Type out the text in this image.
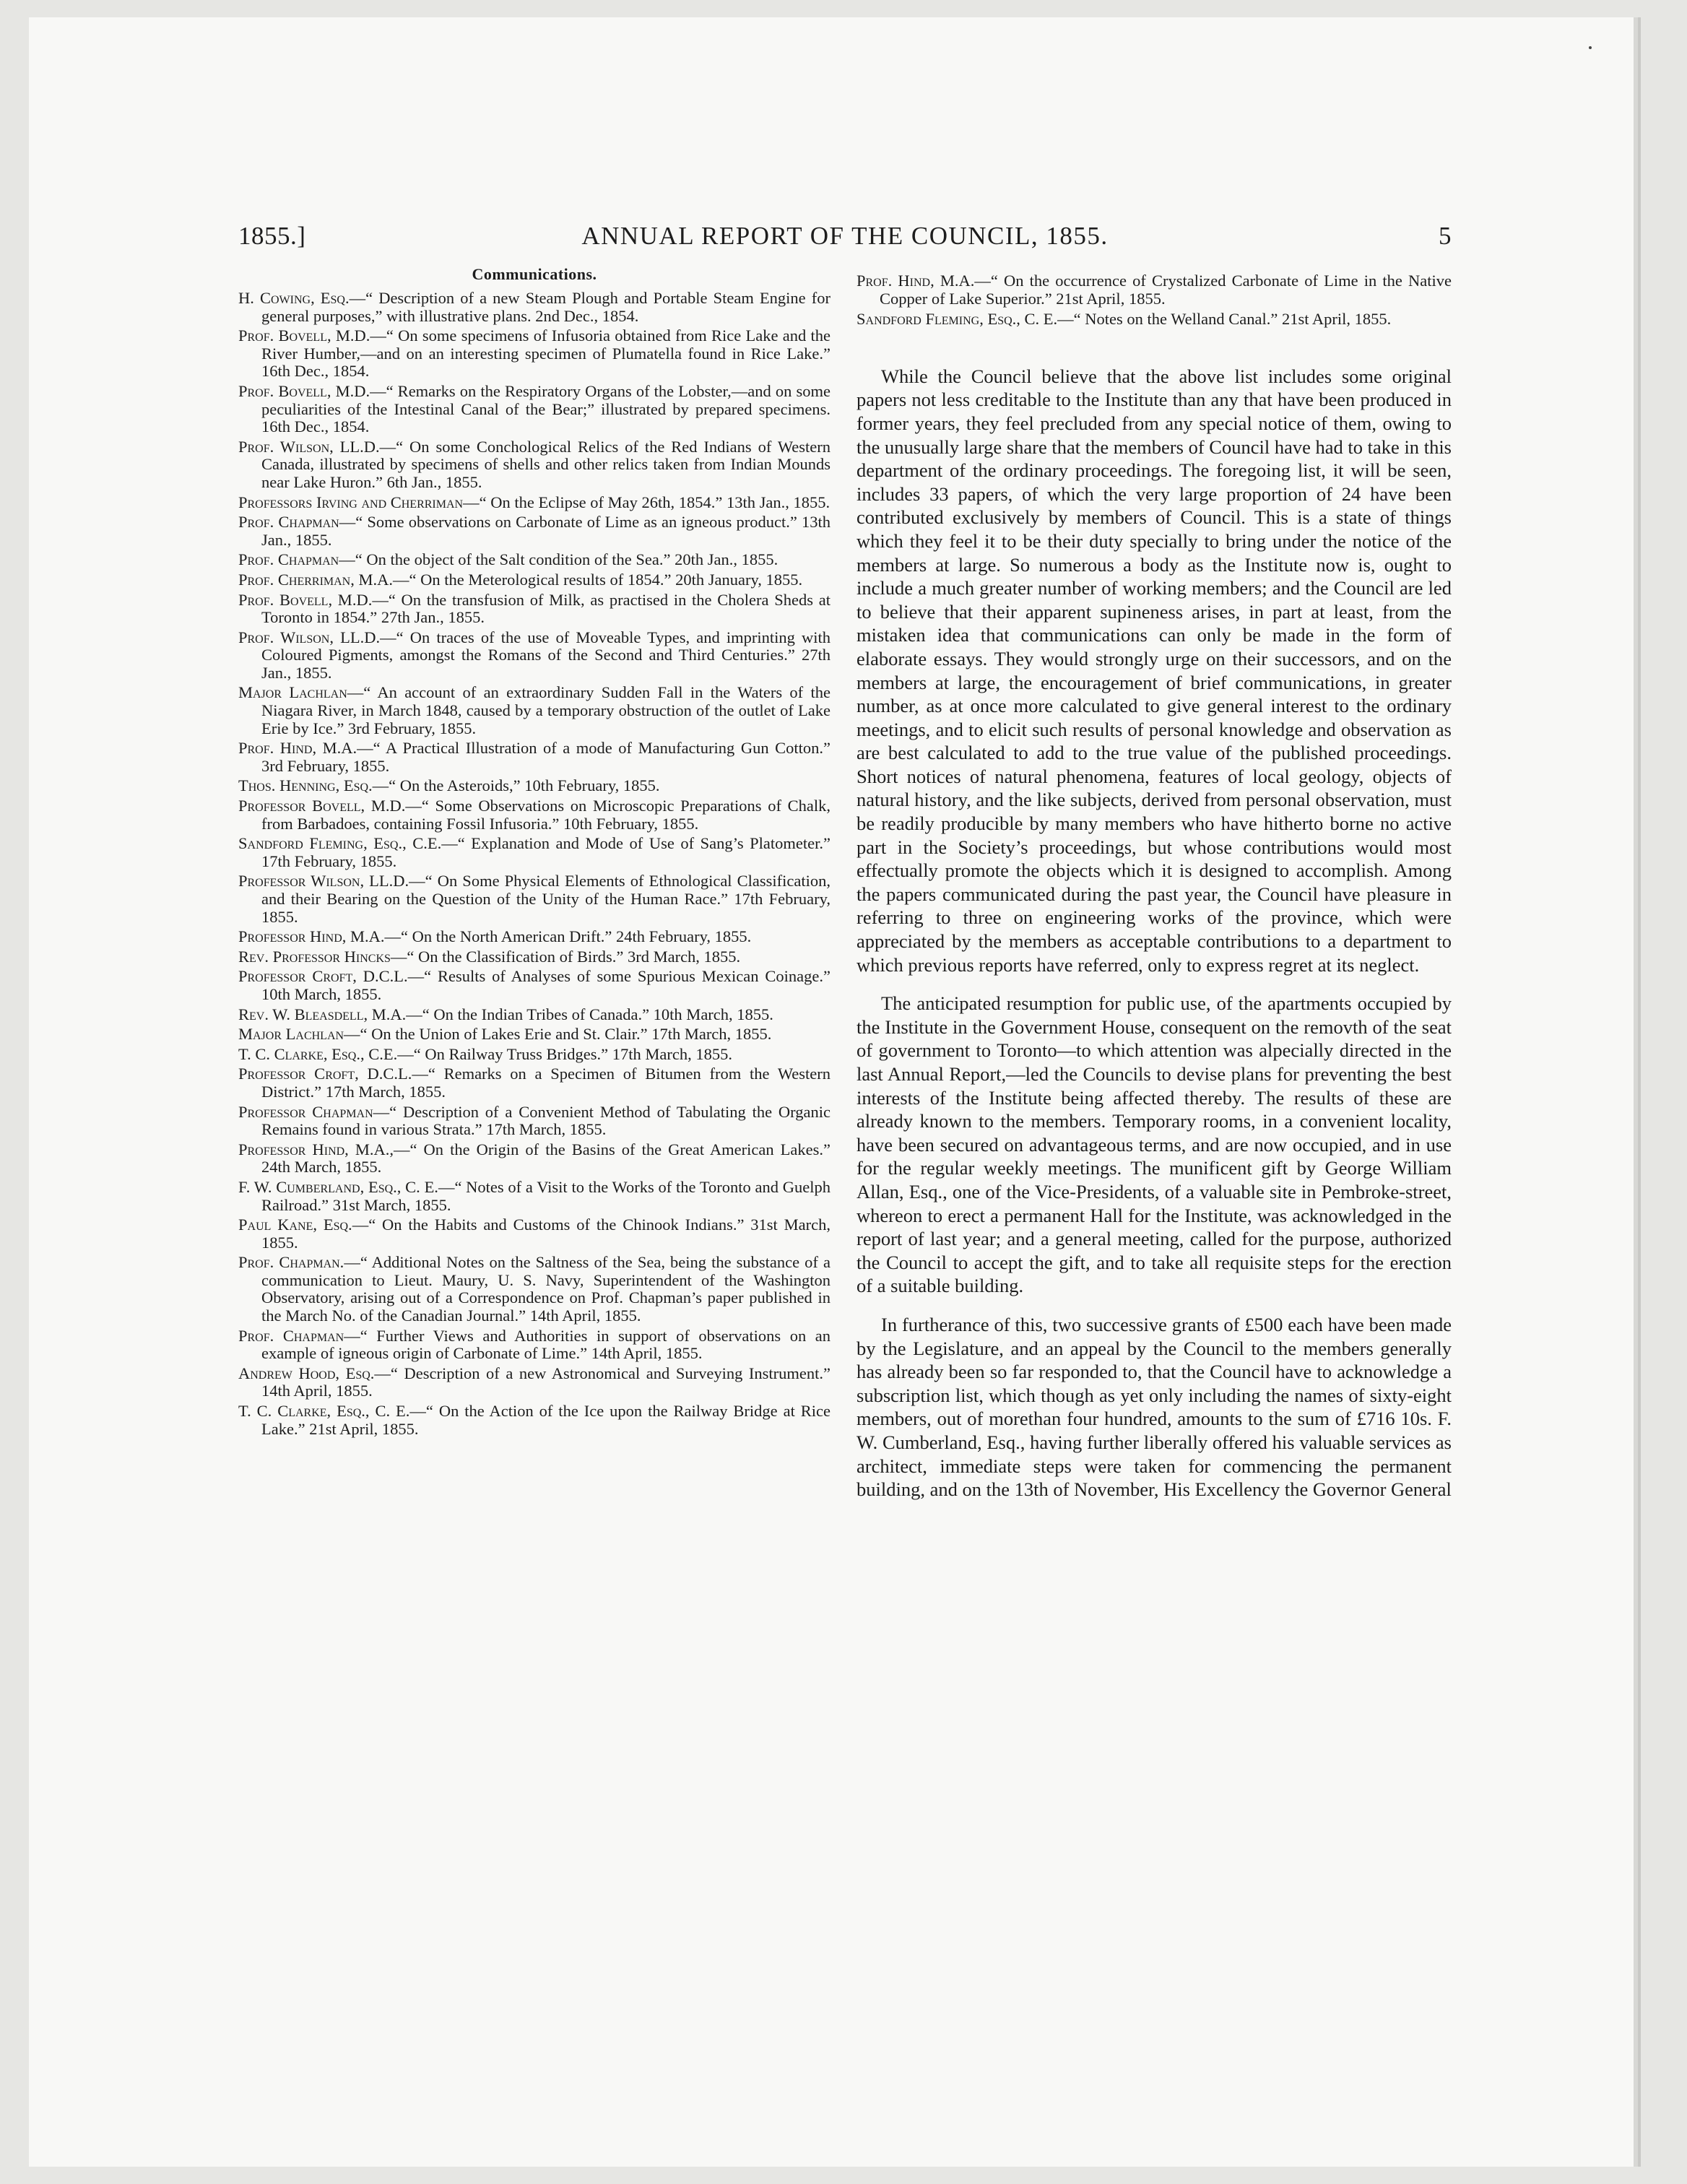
1855.]	ANNUAL REPORT OF THE COUNCIL, 1855.	5
Communications.

H. Cowing, Esq.—“ Description of a new Steam Plough and Portable Steam Engine for general purposes,” with illustrative plans. 2nd Dec., 1854.

Prof. Bovell, M.D.—“ On some specimens of Infusoria obtained from Rice Lake and the River Humber,—and on an interesting specimen of Plumatella found in Rice Lake.” 16th Dec., 1854.

Prof. Bovell, M.D.—“ Remarks on the Respiratory Organs of the Lobster,—and on some peculiarities of the Intestinal Canal of the Bear;” illustrated by prepared specimens. 16th Dec., 1854.

Prof. Wilson, LL.D.—“ On some Conchological Relics of the Red Indians of Western Canada, illustrated by specimens of shells and other relics taken from Indian Mounds near Lake Huron.” 6th Jan., 1855.

Professors Irving and Cherriman—“ On the Eclipse of May 26th, 1854.” 13th Jan., 1855.

Prof. Chapman—“ Some observations on Carbonate of Lime as an igneous product.” 13th Jan., 1855.

Prof. Chapman—“ On the object of the Salt condition of the Sea.” 20th Jan., 1855.

Prof. Cherriman, M.A.—“ On the Meterological results of 1854.” 20th January, 1855.

Prof. Bovell, M.D.—“ On the transfusion of Milk, as practised in the Cholera Sheds at Toronto in 1854.” 27th Jan., 1855.

Prof. Wilson, LL.D.—“ On traces of the use of Moveable Types, and imprinting with Coloured Pigments, amongst the Romans of the Second and Third Centuries.” 27th Jan., 1855.

Major Lachlan—“ An account of an extraordinary Sudden Fall in the Waters of the Niagara River, in March 1848, caused by a temporary obstruction of the outlet of Lake Erie by Ice.” 3rd February, 1855.

Prof. Hind, M.A.—“ A Practical Illustration of a mode of Manufacturing Gun Cotton.” 3rd February, 1855.

Thos. Henning, Esq.—“ On the Asteroids,” 10th February, 1855.

Professor Bovell, M.D.—“ Some Observations on Microscopic Preparations of Chalk, from Barbadoes, containing Fossil Infusoria.” 10th February, 1855.

Sandford Fleming, Esq., C.E.—“ Explanation and Mode of Use of Sang’s Platometer.” 17th February, 1855.

Professor Wilson, LL.D.—“ On Some Physical Elements of Ethnological Classification, and their Bearing on the Question of the Unity of the Human Race.” 17th February, 1855.

Professor Hind, M.A.—“ On the North American Drift.” 24th February, 1855.

Rev. Professor Hincks—“ On the Classification of Birds.” 3rd March, 1855.

Professor Croft, D.C.L.—“ Results of Analyses of some Spurious Mexican Coinage.” 10th March, 1855.

Rev. W. Bleasdell, M.A.—“ On the Indian Tribes of Canada.” 10th March, 1855.

Major Lachlan—“ On the Union of Lakes Erie and St. Clair.” 17th March, 1855.

T. C. Clarke, Esq., C.E.—“ On Railway Truss Bridges.” 17th March, 1855.

Professor Croft, D.C.L.—“ Remarks on a Specimen of Bitumen from the Western District.” 17th March, 1855.

Professor Chapman—“ Description of a Convenient Method of Tabulating the Organic Remains found in various Strata.” 17th March, 1855.

Professor Hind, M.A.,—“ On the Origin of the Basins of the Great American Lakes.” 24th March, 1855.

F. W. Cumberland, Esq., C. E.—“ Notes of a Visit to the Works of the Toronto and Guelph Railroad.” 31st March, 1855.

Paul Kane, Esq.—“ On the Habits and Customs of the Chinook Indians.” 31st March, 1855.

Prof. Chapman.—“ Additional Notes on the Saltness of the Sea, being the substance of a communication to Lieut. Maury, U. S. Navy, Superintendent of the Washington Observatory, arising out of a Correspondence on Prof. Chapman’s paper published in the March No. of the Canadian Journal.” 14th April, 1855.

Prof. Chapman—“ Further Views and Authorities in support of observations on an example of igneous origin of Carbonate of Lime.” 14th April, 1855.

Andrew Hood, Esq.—“ Description of a new Astronomical and Surveying Instrument.” 14th April, 1855.

T. C. Clarke, Esq., C. E.—“ On the Action of the Ice upon the Railway Bridge at Rice Lake.” 21st April, 1855.

Prof. Hind, M.A.—“ On the occurrence of Crystalized Carbonate of Lime in the Native Copper of Lake Superior.” 21st April, 1855.

Sandford Fleming, Esq., C. E.—“ Notes on the Welland Canal.” 21st April, 1855.

While the Council believe that the above list includes some original papers not less creditable to the Institute than any that have been produced in former years, they feel precluded from any special notice of them, owing to the unusually large share that the members of Council have had to take in this department of the ordinary proceedings. The foregoing list, it will be seen, includes 33 papers, of which the very large proportion of 24 have been contributed exclusively by members of Council. This is a state of things which they feel it to be their duty specially to bring under the notice of the members at large. So numerous a body as the Institute now is, ought to include a much greater number of working members; and the Council are led to believe that their apparent supineness arises, in part at least, from the mistaken idea that communications can only be made in the form of elaborate essays. They would strongly urge on their successors, and on the members at large, the encouragement of brief communications, in greater number, as at once more calculated to give general interest to the ordinary meetings, and to elicit such results of personal knowledge and observation as are best calculated to add to the true value of the published proceedings. Short notices of natural phenomena, features of local geology, objects of natural history, and the like subjects, derived from personal observation, must be readily producible by many members who have hitherto borne no active part in the Society’s proceedings, but whose contributions would most effectually promote the objects which it is designed to accomplish. Among the papers communicated during the past year, the Council have pleasure in referring to three on engineering works of the province, which were appreciated by the members as acceptable contributions to a department to which previous reports have referred, only to express regret at its neglect.

The anticipated resumption for public use, of the apartments occupied by the Institute in the Government House, consequent on the removth of the seat of government to Toronto—to which attention was alpecially directed in the last Annual Report,—led the Councils to devise plans for preventing the best interests of the Institute being affected thereby. The results of these are already known to the members. Temporary rooms, in a convenient locality, have been secured on advantageous terms, and are now occupied, and in use for the regular weekly meetings. The munificent gift by George William Allan, Esq., one of the Vice-Presidents, of a valuable site in Pembroke-street, whereon to erect a permanent Hall for the Institute, was acknowledged in the report of last year; and a general meeting, called for the purpose, authorized the Council to accept the gift, and to take all requisite steps for the erection of a suitable building.

In furtherance of this, two successive grants of £500 each have been made by the Legislature, and an appeal by the Council to the members generally has already been so far responded to, that the Council have to acknowledge a subscription list, which though as yet only including the names of sixty-eight members, out of morethan four hundred, amounts to the sum of £716 10s. F. W. Cumberland, Esq., having further liberally offered his valuable services as architect, immediate steps were taken for commencing the permanent building, and on the 13th of November, His Excellency the Governor General
